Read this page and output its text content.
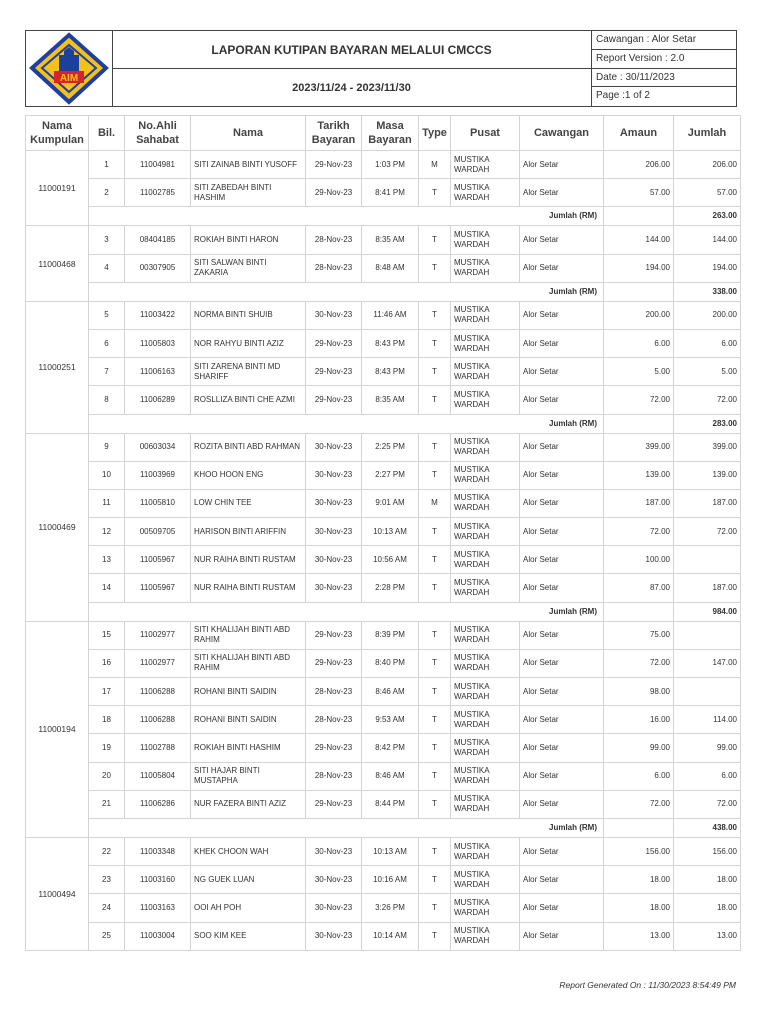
AIM
LAPORAN KUTIPAN BAYARAN MELALUI CMCCS
2023/11/24 - 2023/11/30
Cawangan : Alor Setar
Report Version : 2.0
Date : 30/11/2023
Page :1 of 2
Nama Kumpulan	Bil.	No.Ahli Sahabat	Nama	Tarikh Bayaran	Masa Bayaran	Type	Pusat	Cawangan	Amaun	Jumlah
11000191	1	11004981	SITI ZAINAB BINTI YUSOFF	29-Nov-23	1:03 PM	M	MUSTIKA WARDAH	Alor Setar	206.00	206.00
	2	11002785	SITI ZABEDAH BINTI HASHIM	29-Nov-23	8:41 PM	T	MUSTIKA WARDAH	Alor Setar	57.00	57.00
	Jumlah (RM)									263.00
11000468	3	08404185	ROKIAH BINTI HARON	28-Nov-23	8:35 AM	T	MUSTIKA WARDAH	Alor Setar	144.00	144.00
	4	00307905	SITI SALWAN BINTI ZAKARIA	28-Nov-23	8:48 AM	T	MUSTIKA WARDAH	Alor Setar	194.00	194.00
	Jumlah (RM)									338.00
11000251	5	11003422	NORMA BINTI SHUIB	30-Nov-23	11:46 AM	T	MUSTIKA WARDAH	Alor Setar	200.00	200.00
	6	11005803	NOR RAHYU BINTI AZIZ	29-Nov-23	8:43 PM	T	MUSTIKA WARDAH	Alor Setar	6.00	6.00
	7	11006163	SITI ZARENA BINTI MD SHARIFF	29-Nov-23	8:43 PM	T	MUSTIKA WARDAH	Alor Setar	5.00	5.00
	8	11006289	ROSLLIZA BINTI CHE AZMI	29-Nov-23	8:35 AM	T	MUSTIKA WARDAH	Alor Setar	72.00	72.00
	Jumlah (RM)									283.00
11000469	9	00603034	ROZITA BINTI ABD RAHMAN	30-Nov-23	2:25 PM	T	MUSTIKA WARDAH	Alor Setar	399.00	399.00
	10	11003969	KHOO HOON ENG	30-Nov-23	2:27 PM	T	MUSTIKA WARDAH	Alor Setar	139.00	139.00
	11	11005810	LOW CHIN TEE	30-Nov-23	9:01 AM	M	MUSTIKA WARDAH	Alor Setar	187.00	187.00
	12	00509705	HARISON BINTI ARIFFIN	30-Nov-23	10:13 AM	T	MUSTIKA WARDAH	Alor Setar	72.00	72.00
	13	11005967	NUR RAIHA BINTI RUSTAM	30-Nov-23	10:56 AM	T	MUSTIKA WARDAH	Alor Setar	100.00	
	14	11005967	NUR RAIHA BINTI RUSTAM	30-Nov-23	2:28 PM	T	MUSTIKA WARDAH	Alor Setar	87.00	187.00
	Jumlah (RM)									984.00
11000194	15	11002977	SITI KHALIJAH BINTI ABD RAHIM	29-Nov-23	8:39 PM	T	MUSTIKA WARDAH	Alor Setar	75.00	
	16	11002977	SITI KHALIJAH BINTI ABD RAHIM	29-Nov-23	8:40 PM	T	MUSTIKA WARDAH	Alor Setar	72.00	147.00
	17	11006288	ROHANI BINTI SAIDIN	28-Nov-23	8:46 AM	T	MUSTIKA WARDAH	Alor Setar	98.00	
	18	11006288	ROHANI BINTI SAIDIN	28-Nov-23	9:53 AM	T	MUSTIKA WARDAH	Alor Setar	16.00	114.00
	19	11002788	ROKIAH BINTI HASHIM	29-Nov-23	8:42 PM	T	MUSTIKA WARDAH	Alor Setar	99.00	99.00
	20	11005804	SITI HAJAR BINTI MUSTAPHA	28-Nov-23	8:46 AM	T	MUSTIKA WARDAH	Alor Setar	6.00	6.00
	21	11006286	NUR FAZERA BINTI AZIZ	29-Nov-23	8:44 PM	T	MUSTIKA WARDAH	Alor Setar	72.00	72.00
	Jumlah (RM)									438.00
11000494	22	11003348	KHEK CHOON WAH	30-Nov-23	10:13 AM	T	MUSTIKA WARDAH	Alor Setar	156.00	156.00
	23	11003160	NG GUEK LUAN	30-Nov-23	10:16 AM	T	MUSTIKA WARDAH	Alor Setar	18.00	18.00
	24	11003163	OOI AH POH	30-Nov-23	3:26 PM	T	MUSTIKA WARDAH	Alor Setar	18.00	18.00
	25	11003004	SOO KIM KEE	30-Nov-23	10:14 AM	T	MUSTIKA WARDAH	Alor Setar	13.00	13.00
Report Generated On : 11/30/2023 8:54:49 PM
